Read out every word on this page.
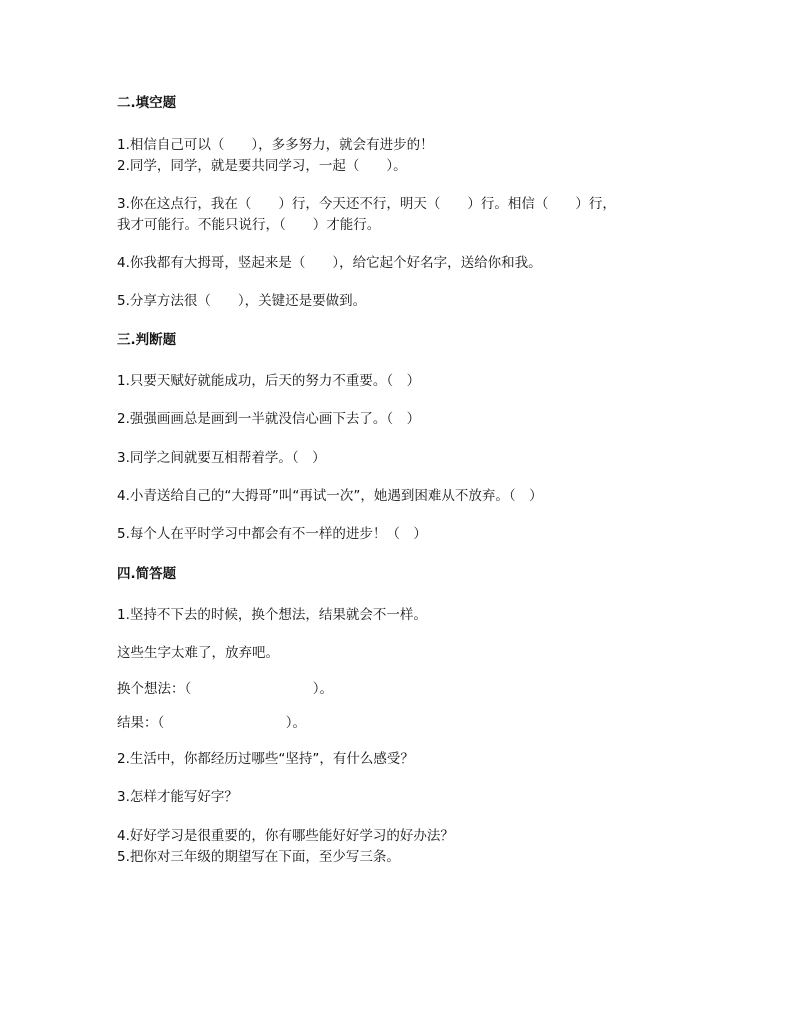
二.填空题
1.相信自己可以（　　），多多努力，就会有进步的！
2.同学，同学，就是要共同学习，一起（　　）。
3.你在这点行，我在（　　）行，今天还不行，明天（　　）行。相信（　　）行，
我才可能行。不能只说行，（　　）才能行。
4.你我都有大拇哥，竖起来是（　　），给它起个好名字，送给你和我。
5.分享方法很（　　），关键还是要做到。
三.判断题
1.只要天赋好就能成功，后天的努力不重要。（　）
2.强强画画总是画到一半就没信心画下去了。（　）
3.同学之间就要互相帮着学。（　）
4.小青送给自己的“大拇哥”叫“再试一次”，她遇到困难从不放弃。（　）
5.每个人在平时学习中都会有不一样的进步！（　）
四.简答题
1.坚持不下去的时候，换个想法，结果就会不一样。
这些生字太难了，放弃吧。
换个想法：（　　　　　　　　　）。
结果：（　　　　　　　　　）。
2.生活中，你都经历过哪些“坚持”，有什么感受？
3.怎样才能写好字？
4.好好学习是很重要的，你有哪些能好好学习的好办法？
5.把你对三年级的期望写在下面，至少写三条。
